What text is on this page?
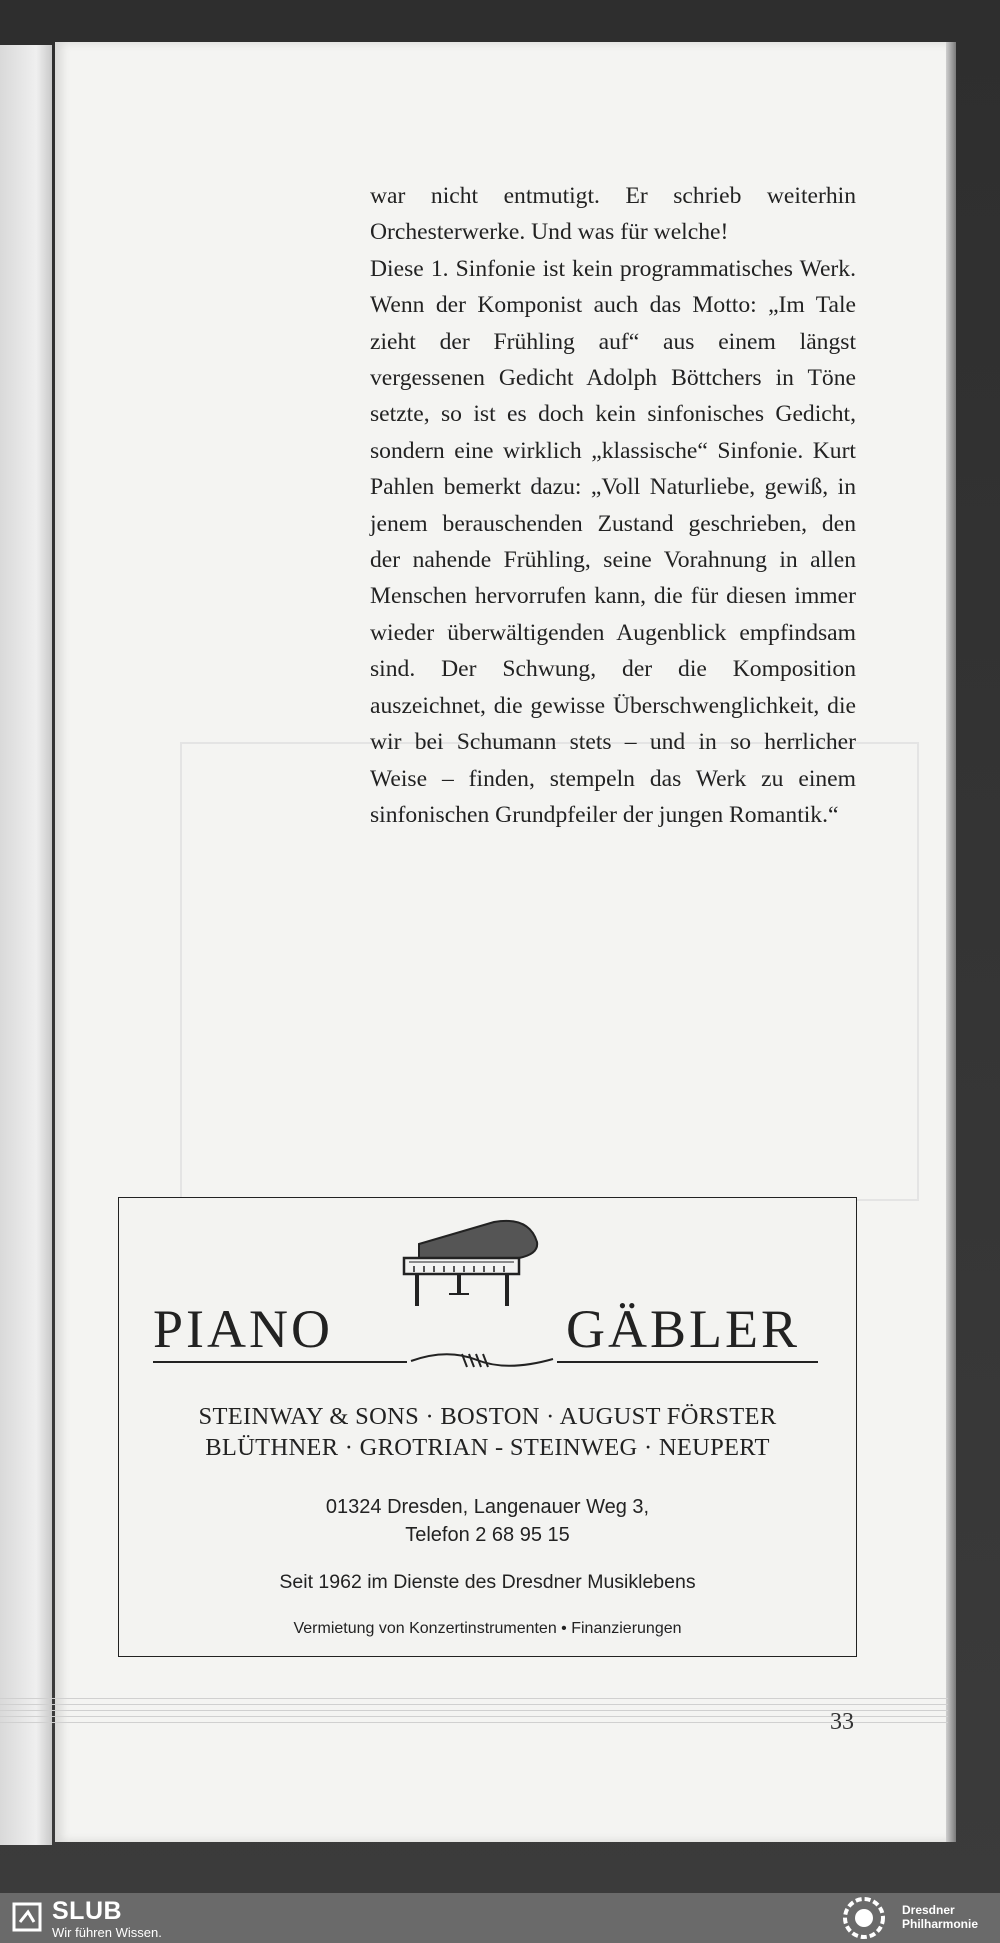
war nicht entmutigt. Er schrieb weiterhin Orchesterwerke. Und was für welche!

Diese 1. Sinfonie ist kein programmatisches Werk. Wenn der Komponist auch das Motto: „Im Tale zieht der Frühling auf“ aus einem längst vergessenen Gedicht Adolph Böttchers in Töne setzte, so ist es doch kein sinfonisches Gedicht, sondern eine wirklich „klassische“ Sinfonie. Kurt Pahlen bemerkt dazu: „Voll Naturliebe, gewiß, in jenem berauschenden Zustand geschrieben, den der nahende Frühling, seine Vorahnung in allen Menschen hervorrufen kann, die für diesen immer wieder überwältigenden Augenblick empfindsam sind. Der Schwung, der die Komposition auszeichnet, die gewisse Überschwenglichkeit, die wir bei Schumann stets – und in so herrlicher Weise – finden, stempeln das Werk zu einem sinfonischen Grundpfeiler der jungen Romantik.“

PIANO	GÄBLER
STEINWAY & SONS · BOSTON · AUGUST FÖRSTER
BLÜTHNER · GROTRIAN - STEINWEG · NEUPERT
01324 Dresden, Langenauer Weg 3,
Telefon 2 68 95 15
Seit 1962 im Dienste des Dresdner Musiklebens
Vermietung von Konzertinstrumenten • Finanzierungen
33
SLUB
Wir führen Wissen.
Dresdner
Philharmonie
